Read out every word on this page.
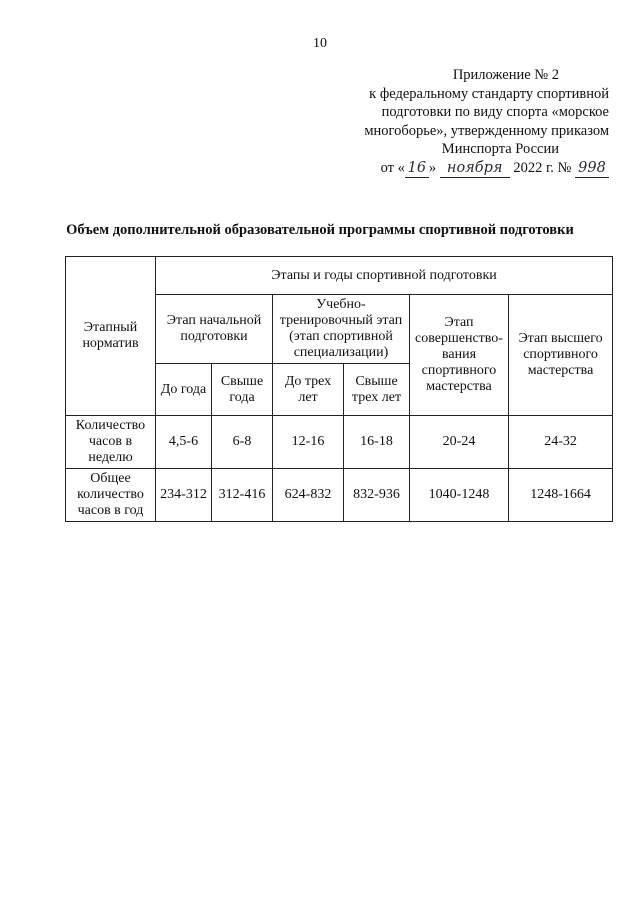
10
Приложение № 2
к федеральному стандарту спортивной
подготовки по виду спорта «морское
многоборье», утвержденному приказом
Минспорта России
от « 16 » ноября 2022 г. № 998
Объем дополнительной образовательной программы спортивной подготовки
Этапный норматив	Этапы и годы спортивной подготовки					
	Этап начальной подготовки		Учебно-тренировочный этап (этап спортивной специализации)		Этап совершенство-вания спортивного мастерства	Этап высшего спортивного мастерства
	До года	Свыше года	До трех лет	Свыше трех лет		
Количество часов в неделю	4,5-6	6-8	12-16	16-18	20-24	24-32
Общее количество часов в год	234-312	312-416	624-832	832-936	1040-1248	1248-1664
